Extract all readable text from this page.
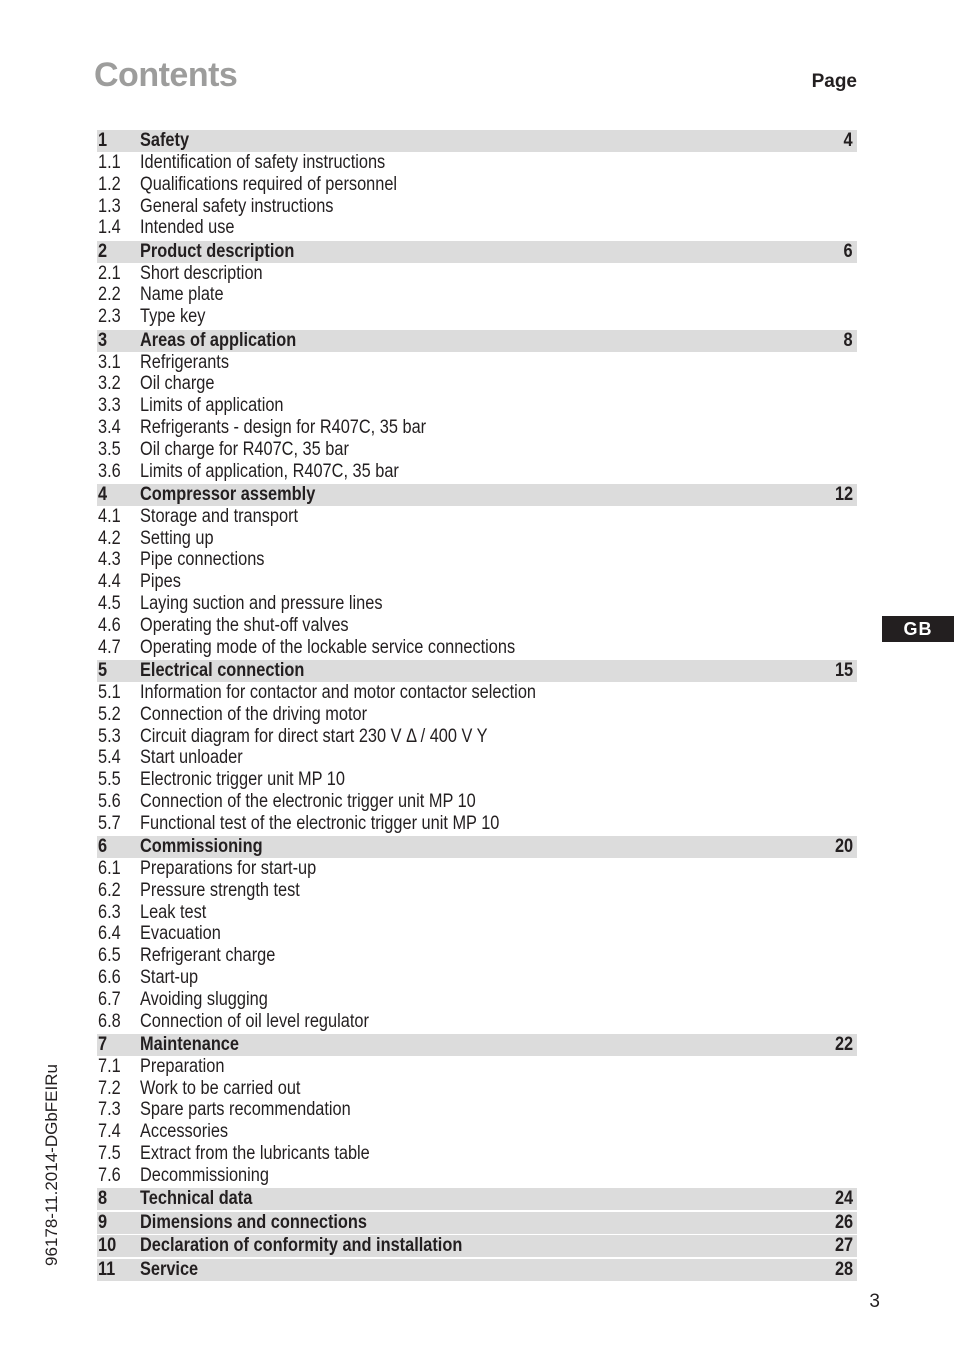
Contents	Page
1 Safety	4
1.1 Identification of safety instructions
1.2 Qualifications required of personnel
1.3 General safety instructions
1.4 Intended use
2 Product description	6
2.1 Short description
2.2 Name plate
2.3 Type key
3 Areas of application	8
3.1 Refrigerants
3.2 Oil charge
3.3 Limits of application
3.4 Refrigerants - design for R407C, 35 bar
3.5 Oil charge for R407C, 35 bar
3.6 Limits of application, R407C, 35 bar
4 Compressor assembly	12
4.1 Storage and transport
4.2 Setting up
4.3 Pipe connections
4.4 Pipes
4.5 Laying suction and pressure lines
4.6 Operating the shut-off valves
4.7 Operating mode of the lockable service connections
5 Electrical connection	15
5.1 Information for contactor and motor contactor selection
5.2 Connection of the driving motor
5.3 Circuit diagram for direct start 230 V Δ / 400 V Y
5.4 Start unloader
5.5 Electronic trigger unit MP 10
5.6 Connection of the electronic trigger unit MP 10
5.7 Functional test of the electronic trigger unit MP 10
6 Commissioning	20
6.1 Preparations for start-up
6.2 Pressure strength test
6.3 Leak test
6.4 Evacuation
6.5 Refrigerant charge
6.6 Start-up
6.7 Avoiding slugging
6.8 Connection of oil level regulator
7 Maintenance	22
7.1 Preparation
7.2 Work to be carried out
7.3 Spare parts recommendation
7.4 Accessories
7.5 Extract from the lubricants table
7.6 Decommissioning
8 Technical data	24
9 Dimensions and connections	26
10 Declaration of conformity and installation	27
11 Service	28
GB
96178-11.2014-DGbFEIRu
3
